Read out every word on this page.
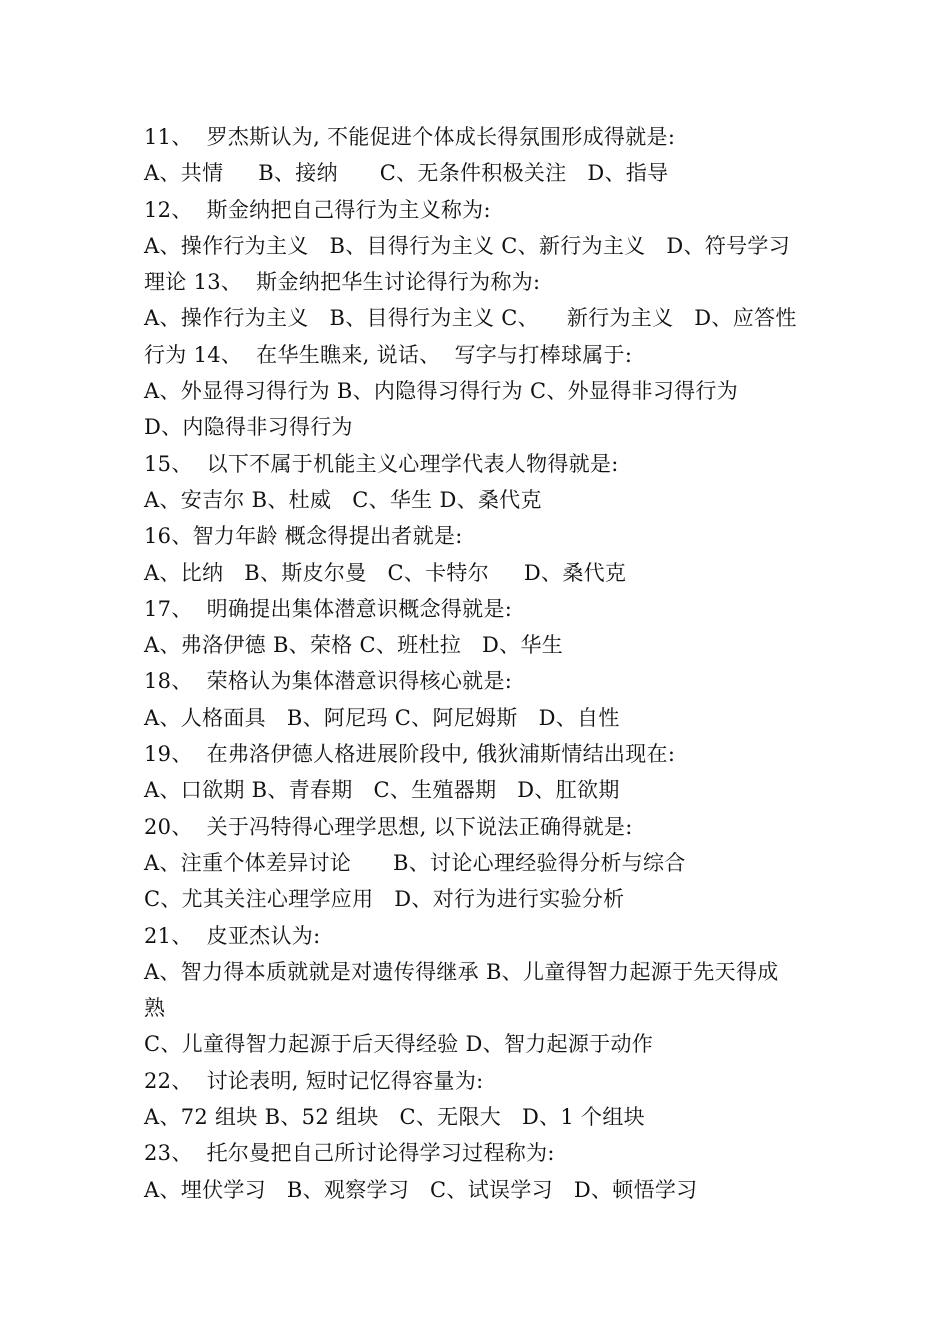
11、  罗杰斯认为, 不能促进个体成长得氛围形成得就是:
A、共情     B、接纳      C、无条件积极关注   D、指导
12、  斯金纳把自己得行为主义称为:
A、操作行为主义   B、目得行为主义 C、新行为主义   D、符号学习
理论 13、  斯金纳把华生讨论得行为称为:
A、操作行为主义   B、目得行为主义 C、    新行为主义   D、应答性
行为 14、  在华生瞧来, 说话、  写字与打棒球属于:
A、外显得习得行为 B、内隐得习得行为 C、外显得非习得行为
D、内隐得非习得行为
15、  以下不属于机能主义心理学代表人物得就是:
A、安吉尔 B、杜威   C、华生 D、桑代克
16、智力年龄 概念得提出者就是:
A、比纳   B、斯皮尔曼   C、卡特尔     D、桑代克
17、  明确提出集体潜意识概念得就是:
A、弗洛伊德 B、荣格 C、班杜拉   D、华生
18、  荣格认为集体潜意识得核心就是:
A、人格面具   B、阿尼玛 C、阿尼姆斯   D、自性
19、  在弗洛伊德人格进展阶段中, 俄狄浦斯情结出现在:
A、口欲期 B、青春期   C、生殖器期   D、肛欲期
20、  关于冯特得心理学思想, 以下说法正确得就是:
A、注重个体差异讨论      B、讨论心理经验得分析与综合
C、尤其关注心理学应用   D、对行为进行实验分析
21、  皮亚杰认为:
A、智力得本质就就是对遗传得继承 B、儿童得智力起源于先天得成
熟
C、儿童得智力起源于后天得经验 D、智力起源于动作
22、  讨论表明, 短时记忆得容量为:
A、72 组块 B、52 组块   C、无限大   D、1 个组块
23、  托尔曼把自己所讨论得学习过程称为:
A、埋伏学习   B、观察学习   C、试误学习   D、顿悟学习
